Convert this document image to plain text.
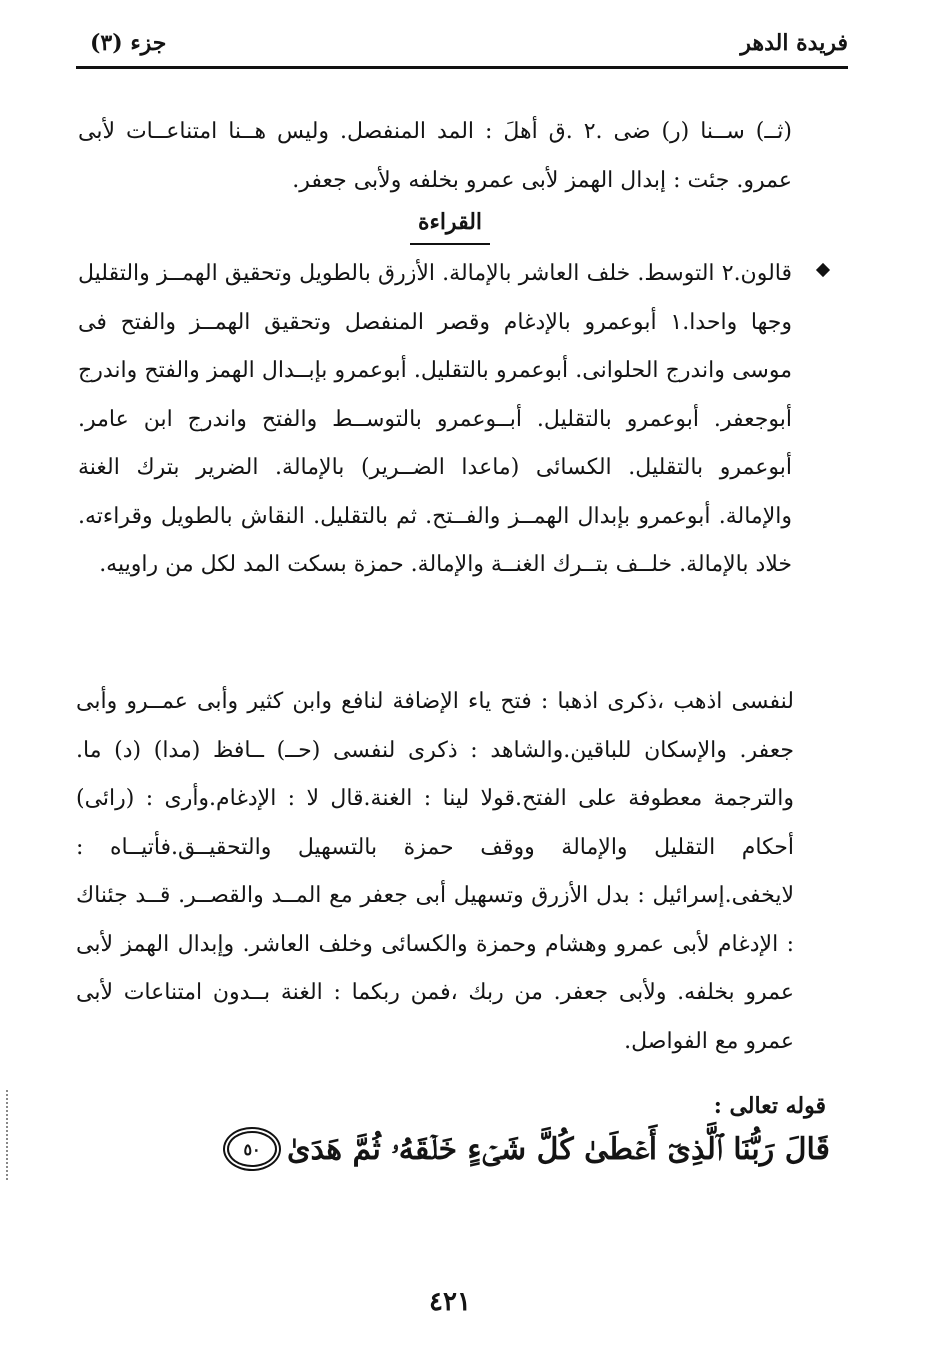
فريدة الدهر
جزء (٣)

(ثــ) ســنا (ر) ضى .٢ .ق أهلَ : المد المنفصل. وليس هــنا امتناعــات لأبى عمرو. جئت : إبدال الهمز لأبى عمرو بخلفه ولأبى جعفر.

القراءة

قالون.٢ التوسط. خلف العاشر بالإمالة. الأزرق بالطويل وتحقيق الهمــز والتقليل وجها واحدا.١ أبوعمرو بالإدغام وقصر المنفصل وتحقيق الهمــز والفتح فى موسى واندرج الحلوانى. أبوعمرو بالتقليل. أبوعمرو بإبــدال الهمز والفتح واندرج أبوجعفر. أبوعمرو بالتقليل. أبــوعمرو بالتوســط والفتح واندرج ابن عامر. أبوعمرو بالتقليل. الكسائى (ماعدا الضــرير) بالإمالة. الضرير بترك الغنة والإمالة. أبوعمرو بإبدال الهمــز والفــتح. ثم بالتقليل. النقاش بالطويل وقراءته. خلاد بالإمالة. خلــف بتــرك الغنــة والإمالة. حمزة بسكت المد لكل من راوييه.

لنفسى اذهب ،ذكرى اذهبا : فتح ياء الإضافة لنافع وابن كثير وأبى عمــرو وأبى جعفر. والإسكان للباقين.والشاهد : ذكرى لنفسى (حــ) ــافظ (مدا) (د) ما. والترجمة معطوفة على الفتح.قولا لينا : الغنة.قال لا : الإدغام.وأرى : (رائى) أحكام التقليل والإمالة ووقف حمزة بالتسهيل والتحقيــق.فأتيــاه : لايخفى.إسرائيل : بدل الأزرق وتسهيل أبى جعفر مع المــد والقصــر. قــد جئناك : الإدغام لأبى عمرو وهشام وحمزة والكسائى وخلف العاشر. وإبدال الهمز لأبى عمرو بخلفه. ولأبى جعفر. من ربك ،فمن ربكما : الغنة بــدون امتناعات لأبى عمرو مع الفواصل.

قوله تعالى :
قَالَ رَبُّنَا ٱلَّذِىٓ أَعۡطَىٰ كُلَّ شَىۡءٍ خَلۡقَهُۥ ثُمَّ هَدَىٰ
٥٠
٤٢١
